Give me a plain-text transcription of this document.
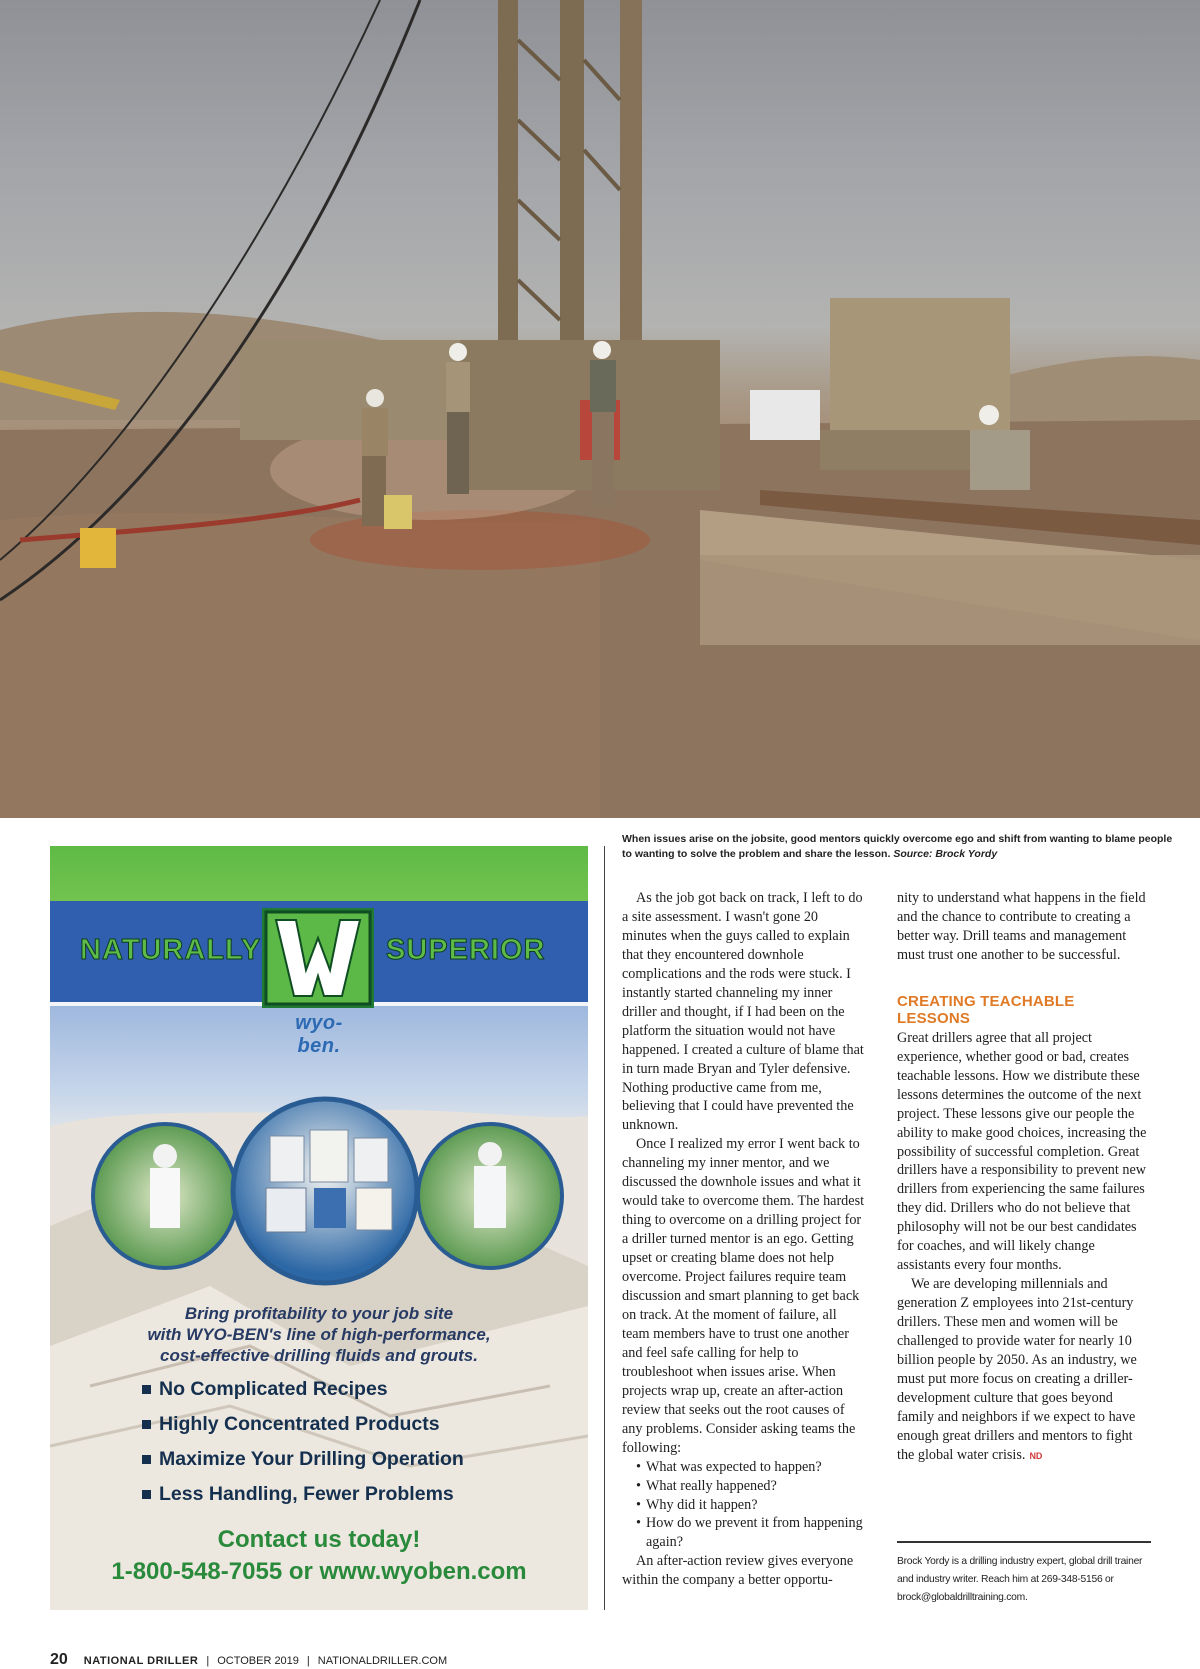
When issues arise on the jobsite, good mentors quickly overcome ego and shift from wanting to blame people to wanting to solve the problem and share the lesson. Source: Brock Yordy
NATURALLY	SUPERIOR
wyo-ben.
Bring profitability to your job site
with WYO-BEN's line of high-performance,
cost-effective drilling fluids and grouts.
No Complicated Recipes
Highly Concentrated Products
Maximize Your Drilling Operation
Less Handling, Fewer Problems
Contact us today!
1-800-548-7055 or www.wyoben.com

As the job got back on track, I left to do a site assessment. I wasn't gone 20 minutes when the guys called to explain that they encountered downhole complications and the rods were stuck. I instantly started channeling my inner driller and thought, if I had been on the platform the situation would not have happened. I created a culture of blame that in turn made Bryan and Tyler defensive. Nothing productive came from me, believing that I could have prevented the unknown.

Once I realized my error I went back to channeling my inner mentor, and we discussed the downhole issues and what it would take to overcome them. The hardest thing to overcome on a drilling project for a driller turned mentor is an ego. Getting upset or creating blame does not help overcome. Project failures require team discussion and smart planning to get back on track. At the moment of failure, all team members have to trust one another and feel safe calling for help to troubleshoot when issues arise. When projects wrap up, create an after-action review that seeks out the root causes of any problems. Consider asking teams the following:

• What was expected to happen?
• What really happened?
• Why did it happen?
• How do we prevent it from happening again?

An after-action review gives everyone within the company a better opportu-

nity to understand what happens in the field and the chance to contribute to creating a better way. Drill teams and management must trust one another to be successful.

CREATING TEACHABLE LESSONS

Great drillers agree that all project experience, whether good or bad, creates teachable lessons. How we distribute these lessons determines the outcome of the next project. These lessons give our people the ability to make good choices, increasing the possibility of successful completion. Great drillers have a responsibility to prevent new drillers from experiencing the same failures they did. Drillers who do not believe that philosophy will not be our best candidates for coaches, and will likely change assistants every four months.

We are developing millennials and generation Z employees into 21st-century drillers. These men and women will be challenged to provide water for nearly 10 billion people by 2050. As an industry, we must put more focus on creating a driller-development culture that goes beyond family and neighbors if we expect to have enough great drillers and mentors to fight the global water crisis. ND

Brock Yordy is a drilling industry expert, global drill trainer and industry writer. Reach him at 269-348-5156 or brock@globaldrilltraining.com.
20 NATIONAL DRILLER | OCTOBER 2019 | NATIONALDRILLER.COM
